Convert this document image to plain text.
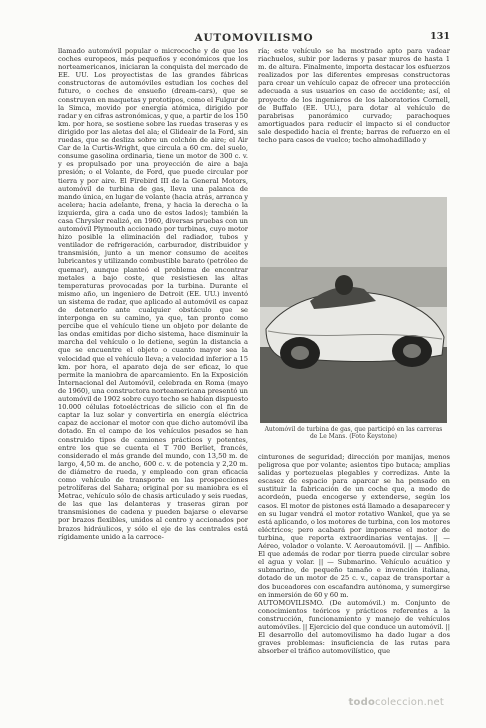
AUTOMOVILISMO	131

llamado automóvil popular o microcoche y de que los coches europeos, más pequeños y económicos que los norteamericanos, iniciaran la conquista del mercado de EE. UU. Los proyectistas de las grandes fábricas constructoras de automóviles estudian los coches del futuro, o coches de ensueño (dream-cars), que se construyen en maquetas y prototipos, como el Fulgur de la Simca, movido por energía atómica, dirigido por radar y en cifras astronómicas, y que, a partir de los 150 km. por hora, se sostiene sobre las ruedas traseras y es dirigido por las aletas del ala; el Glideair de la Ford, sin ruedas, que se desliza sobre un colchón de aire; el Air Car de la Curtis-Wright, que circula a 60 cm. del suelo, consume gasolina ordinaria, tiene un motor de 300 c. v. y es propulsado por una proyección de aire a baja presión; o el Volante, de Ford, que puede circular por tierra y por aire. El Firebird III de la General Motors, automóvil de turbina de gas, lleva una palanca de mando única, en lugar de volante (hacia atrás, arranca y acelera; hacia adelante, frena, y hacia la derecha o la izquierda, gira a cada uno de estos lados); también la casa Chrysler realizó, en 1960, diversas pruebas con un automóvil Plymouth accionado por turbinas, cuyo motor hizo posible la eliminación del radiador, tubos y ventilador de refrigeración, carburador, distribuidor y transmisión, junto a un menor consumo de aceites lubricantes y utilizando combustible barato (petróleo de quemar), aunque planteó el problema de encontrar metales a bajo coste, que resistiesen las altas temperaturas provocadas por la turbina. Durante el mismo año, un ingeniero de Detroit (EE. UU.) inventó un sistema de radar, que aplicado al automóvil es capaz de detenerlo ante cualquier obstáculo que se interponga en su camino, ya que, tan pronto como percibe que el vehículo tiene un objeto por delante de las ondas emitidas por dicho sistema, hace disminuir la marcha del vehículo o lo detiene, según la distancia a que se encuentre el objeto o cuanto mayor sea la velocidad que el vehículo lleva; a velocidad inferior a 15 km. por hora, el aparato deja de ser eficaz, lo que permite la maniobra de aparcamiento. En la Exposición Internacional del Automóvil, celebrada en Roma (mayo de 1960), una constructora norteamericana presentó un automóvil de 1902 sobre cuyo techo se habían dispuesto 10.000 células fotoeléctricas de silicio con el fin de captar la luz solar y convertirla en energía eléctrica capaz de accionar el motor con que dicho automóvil iba dotado. En el campo de los vehículos pesados se han construido tipos de camiones prácticos y potentes, entre los que se cuenta el T 700 Berliet, francés, considerado el más grande del mundo, con 13,50 m. de largo, 4,50 m. de ancho, 600 c. v. de potencia y 2,20 m. de diámetro de rueda, y empleado con gran eficacia como vehículo de transporte en las prospecciones petrolíferas del Sahara; original por su maniobra es el Metrac, vehículo sólo de chasis articulado y seis ruedas, de las que las delanteras y traseras giran por transmisiones de cadena y pueden bajarse o elevarse por brazos flexibles, unidos al centro y accionados por brazos hidráulicos, y sólo el eje de las centrales está rígidamente unido a la carroce-

ría; este vehículo se ha mostrado apto para vadear riachuelos, subir por laderas y pasar muros de hasta 1 m. de altura. Finalmente, importa destacar los esfuerzos realizados por las diferentes empresas constructoras para crear un vehículo capaz de ofrecer una protección adecuada a sus usuarios en caso de accidente; así, el proyecto de los ingenieros de los laboratorios Cornell, de Buffalo (EE. UU.), para dotar al vehículo de parabrisas panorámico curvado; parachoques amortiguados para reducir el impacto si el conductor sale despedido hacia el frente; barras de refuerzo en el techo para casos de vuelco; techo almohadillado y

Automóvil de turbina de gas, que participó en las carreras de Le Mans. (Foto Keystone)

cinturones de seguridad; dirección por manijas, menos peligrosa que por volante; asientos tipo butaca; amplias salidas y portezuelas plegables y corredizas. Ante la escasez de espacio para aparcar se ha pensado en sustituir la fabricación de un coche que, a modo de acordeón, pueda encogerse y extenderse, según los casos. El motor de pistones está llamado a desaparecer y en su lugar vendrá el motor rotativo Wankel, que ya se está aplicando, o los motores de turbina, con los motores eléctricos; pero acabará por imponerse el motor de turbina, que reporta extraordinarias ventajas. || — Aéreo, volador o volante. V. Aeroautomóvil. || — Anfibio. El que además de rodar por tierra puede circular sobre el agua y volar. || — Submarino. Vehículo acuático y submarino, de pequeño tamaño e invención italiana, dotado de un motor de 25 c. v., capaz de transportar a dos buceadores con escafandra autónoma, y sumergirse en inmersión de 60 y 60 m.

AUTOMOVILISMO. (De automóvil.) m. Conjunto de conocimientos teóricos y prácticos referentes a la construcción, funcionamiento y manejo de vehículos automóviles. || Ejercicio del que conduce un automóvil. || El desarrollo del automovilismo ha dado lugar a dos graves problemas: insuficiencia de las rutas para absorber el tráfico automovilístico, que

todocoleccion.net
